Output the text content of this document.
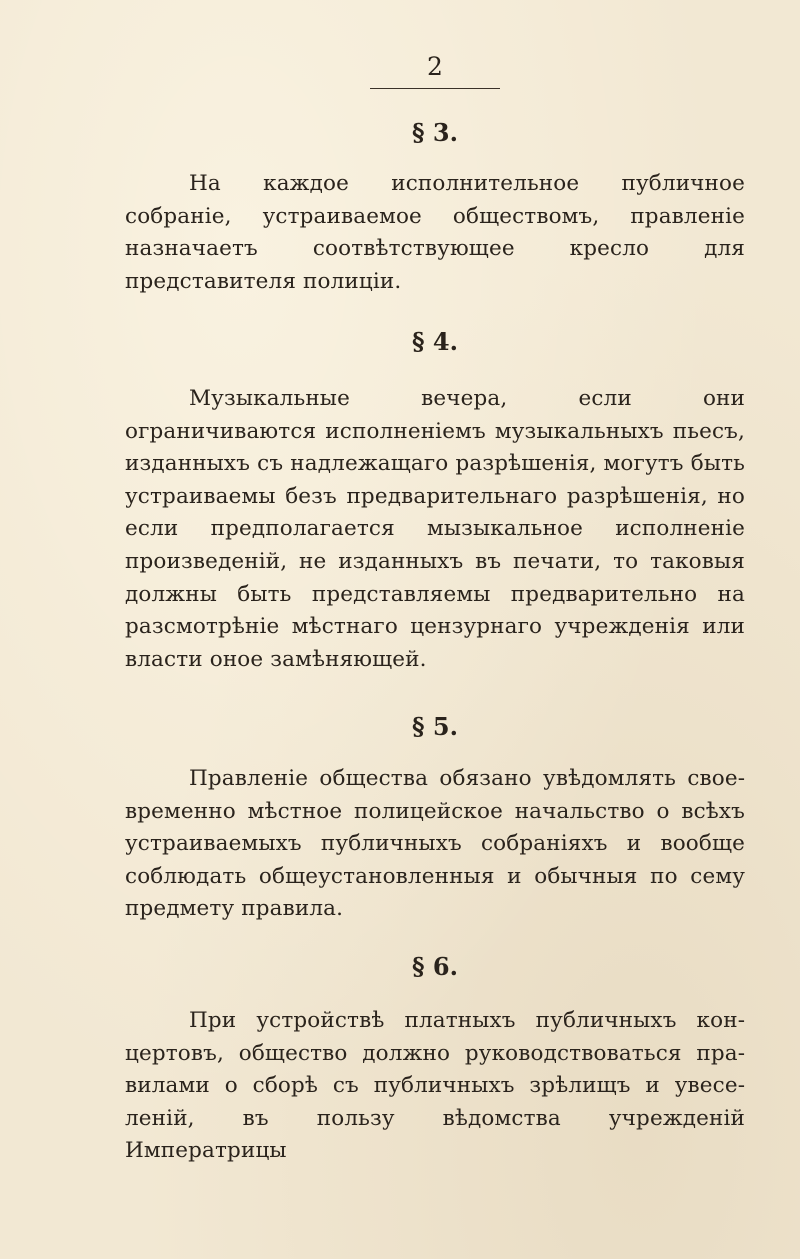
2
§ 3.

На каждое исполнительное публичное собраніе, устраиваемое обществомъ, правленіе назначаетъ соотвѣтствующее кресло для представителя полиціи.

§ 4.

Музыкальные вечера, если они ограничиваются исполненіемъ музыкальныхъ пьесъ, изданныхъ съ надлежащаго разрѣшенія, могутъ быть устраиваемы безъ предварительнаго разрѣшенія, но если предполагается мызыкальное исполненіе произведеній, не изданныхъ въ печати, то таковыя должны быть представляемы предварительно на разсмотрѣніе мѣстнаго цензурнаго учрежденія или власти оное замѣняющей.

§ 5.

Правленіе общества обязано увѣдомлять своевременно мѣстное полицейское начальство о всѣхъ устраиваемыхъ публичныхъ собраніяхъ и вообще соблюдать общеустановленныя и обычныя по сему предмету правила.

§ 6.

При устройствѣ платныхъ публичныхъ концертовъ, общество должно руководствоваться правилами о сборѣ съ публичныхъ зрѣлищъ и увеселеній, въ пользу вѣдомства учрежденій Императрицы
